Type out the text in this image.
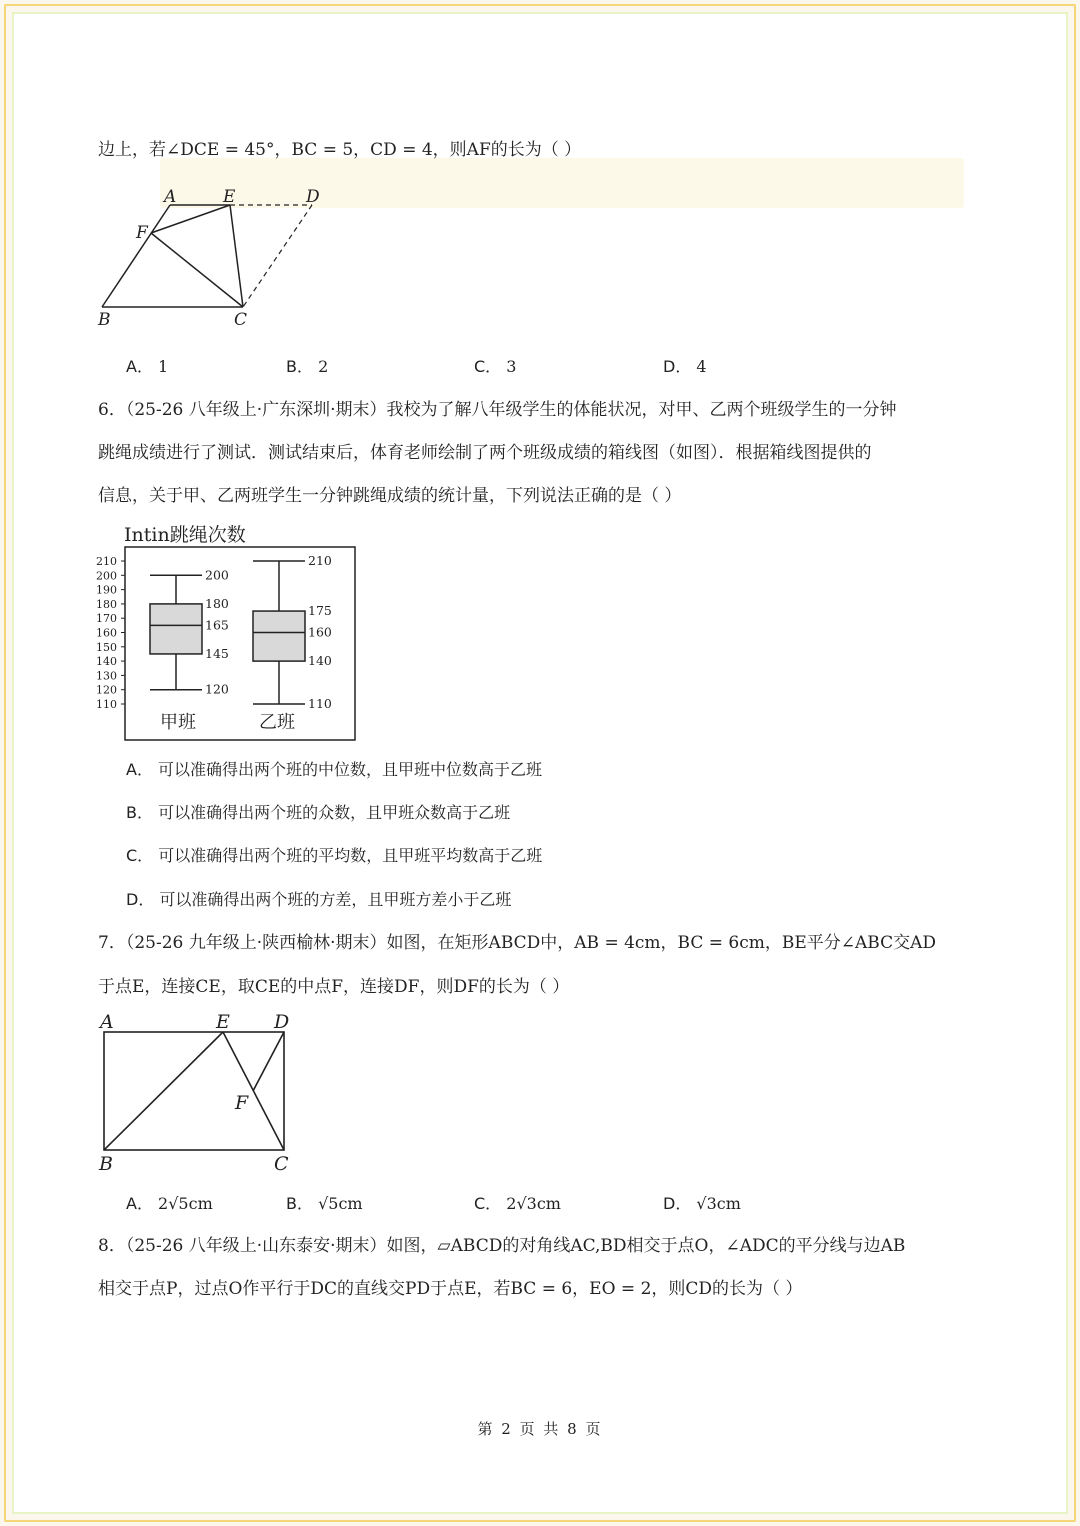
边上，若∠DCE = 45°，BC = 5，CD = 4，则AF的长为（ ）
A	E	D
F
B	C
A． 1	B． 2	C． 3	D． 4
6．（25-26 八年级上·广东深圳·期末）我校为了解八年级学生的体能状况，对甲、乙两个班级学生的一分钟
跳绳成绩进行了测试．测试结束后，体育老师绘制了两个班级成绩的箱线图（如图）．根据箱线图提供的
信息，关于甲、乙两班学生一分钟跳绳成绩的统计量，下列说法正确的是（ ）
Intin跳绳次数
210
200
190
180
170
160
150
140
130
120
110
200
180
165
145
120
210
175
160
140
110
甲班	乙班
A． 可以准确得出两个班的中位数，且甲班中位数高于乙班
B． 可以准确得出两个班的众数，且甲班众数高于乙班
C． 可以准确得出两个班的平均数，且甲班平均数高于乙班
D． 可以准确得出两个班的方差，且甲班方差小于乙班
7．（25-26 九年级上·陕西榆林·期末）如图，在矩形ABCD中，AB = 4cm，BC = 6cm，BE平分∠ABC交AD
于点E，连接CE，取CE的中点F，连接DF，则DF的长为（ ）
A	E D
F
B	C
A． 2√5cm	B． √5cm	C． 2√3cm	D． √3cm
8．（25-26 八年级上·山东泰安·期末）如图，▱ABCD的对角线AC,BD相交于点O，∠ADC的平分线与边AB
相交于点P，过点O作平行于DC的直线交PD于点E，若BC = 6，EO = 2，则CD的长为（ ）
第 2 页 共 8 页
